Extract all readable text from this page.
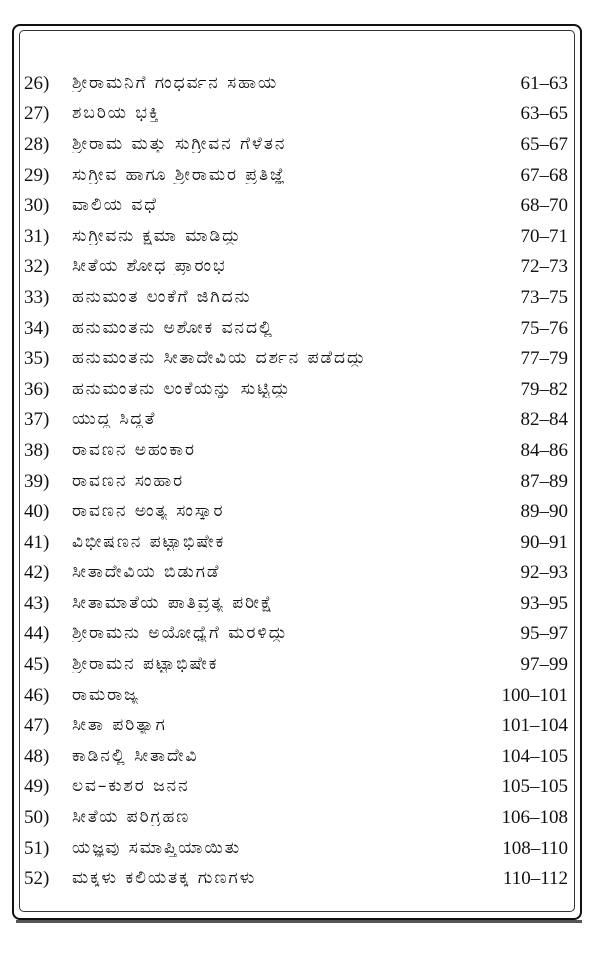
26)	ಶ್ರೀರಾಮನಿಗೆ ಗಂಧರ್ವನ ಸಹಾಯ	61–63
27)	ಶಬರಿಯ ಭಕ್ತಿ	63–65
28)	ಶ್ರೀರಾಮ ಮತ್ತು ಸುಗ್ರೀವನ ಗೆಳೆತನ	65–67
29)	ಸುಗ್ರೀವ ಹಾಗೂ ಶ್ರೀರಾಮರ ಪ್ರತಿಜ್ಞೆ	67–68
30)	ವಾಲಿಯ ವಧೆ	68–70
31)	ಸುಗ್ರೀವನು ಕ್ಷಮಾ ಮಾಡಿದ್ದು	70–71
32)	ಸೀತೆಯ ಶೋಧ ಪ್ರಾರಂಭ	72–73
33)	ಹನುಮಂತ ಲಂಕೆಗೆ ಜಿಗಿದನು	73–75
34)	ಹನುಮಂತನು ಅಶೋಕ ವನದಲ್ಲಿ	75–76
35)	ಹನುಮಂತನು ಸೀತಾದೇವಿಯ ದರ್ಶನ ಪಡೆದದ್ದು	77–79
36)	ಹನುಮಂತನು ಲಂಕೆಯನ್ನು ಸುಟ್ಟಿದ್ದು	79–82
37)	ಯುದ್ಧ ಸಿದ್ಧತೆ	82–84
38)	ರಾವಣನ ಅಹಂಕಾರ	84–86
39)	ರಾವಣನ ಸಂಹಾರ	87–89
40)	ರಾವಣನ ಅಂತ್ಯ ಸಂಸ್ಕಾರ	89–90
41)	ವಿಭೀಷಣನ ಪಟ್ಟಾಭಿಷೇಕ	90–91
42)	ಸೀತಾದೇವಿಯ ಬಿಡುಗಡೆ	92–93
43)	ಸೀತಾಮಾತೆಯ ಪಾತಿವ್ರತ್ಯ ಪರೀಕ್ಷೆ	93–95
44)	ಶ್ರೀರಾಮನು ಅಯೋಧ್ಯೆಗೆ ಮರಳಿದ್ದು	95–97
45)	ಶ್ರೀರಾಮನ ಪಟ್ಟಾಭಿಷೇಕ	97–99
46)	ರಾಮರಾಜ್ಯ	100–101
47)	ಸೀತಾ ಪರಿತ್ಯಾಗ	101–104
48)	ಕಾಡಿನಲ್ಲಿ ಸೀತಾದೇವಿ	104–105
49)	ಲವ–ಕುಶರ ಜನನ	105–105
50)	ಸೀತೆಯ ಪರಿಗ್ರಹಣ	106–108
51)	ಯಜ್ಞವು ಸಮಾಪ್ತಿಯಾಯಿತು	108–110
52)	ಮಕ್ಕಳು ಕಲಿಯತಕ್ಕ ಗುಣಗಳು	110–112
